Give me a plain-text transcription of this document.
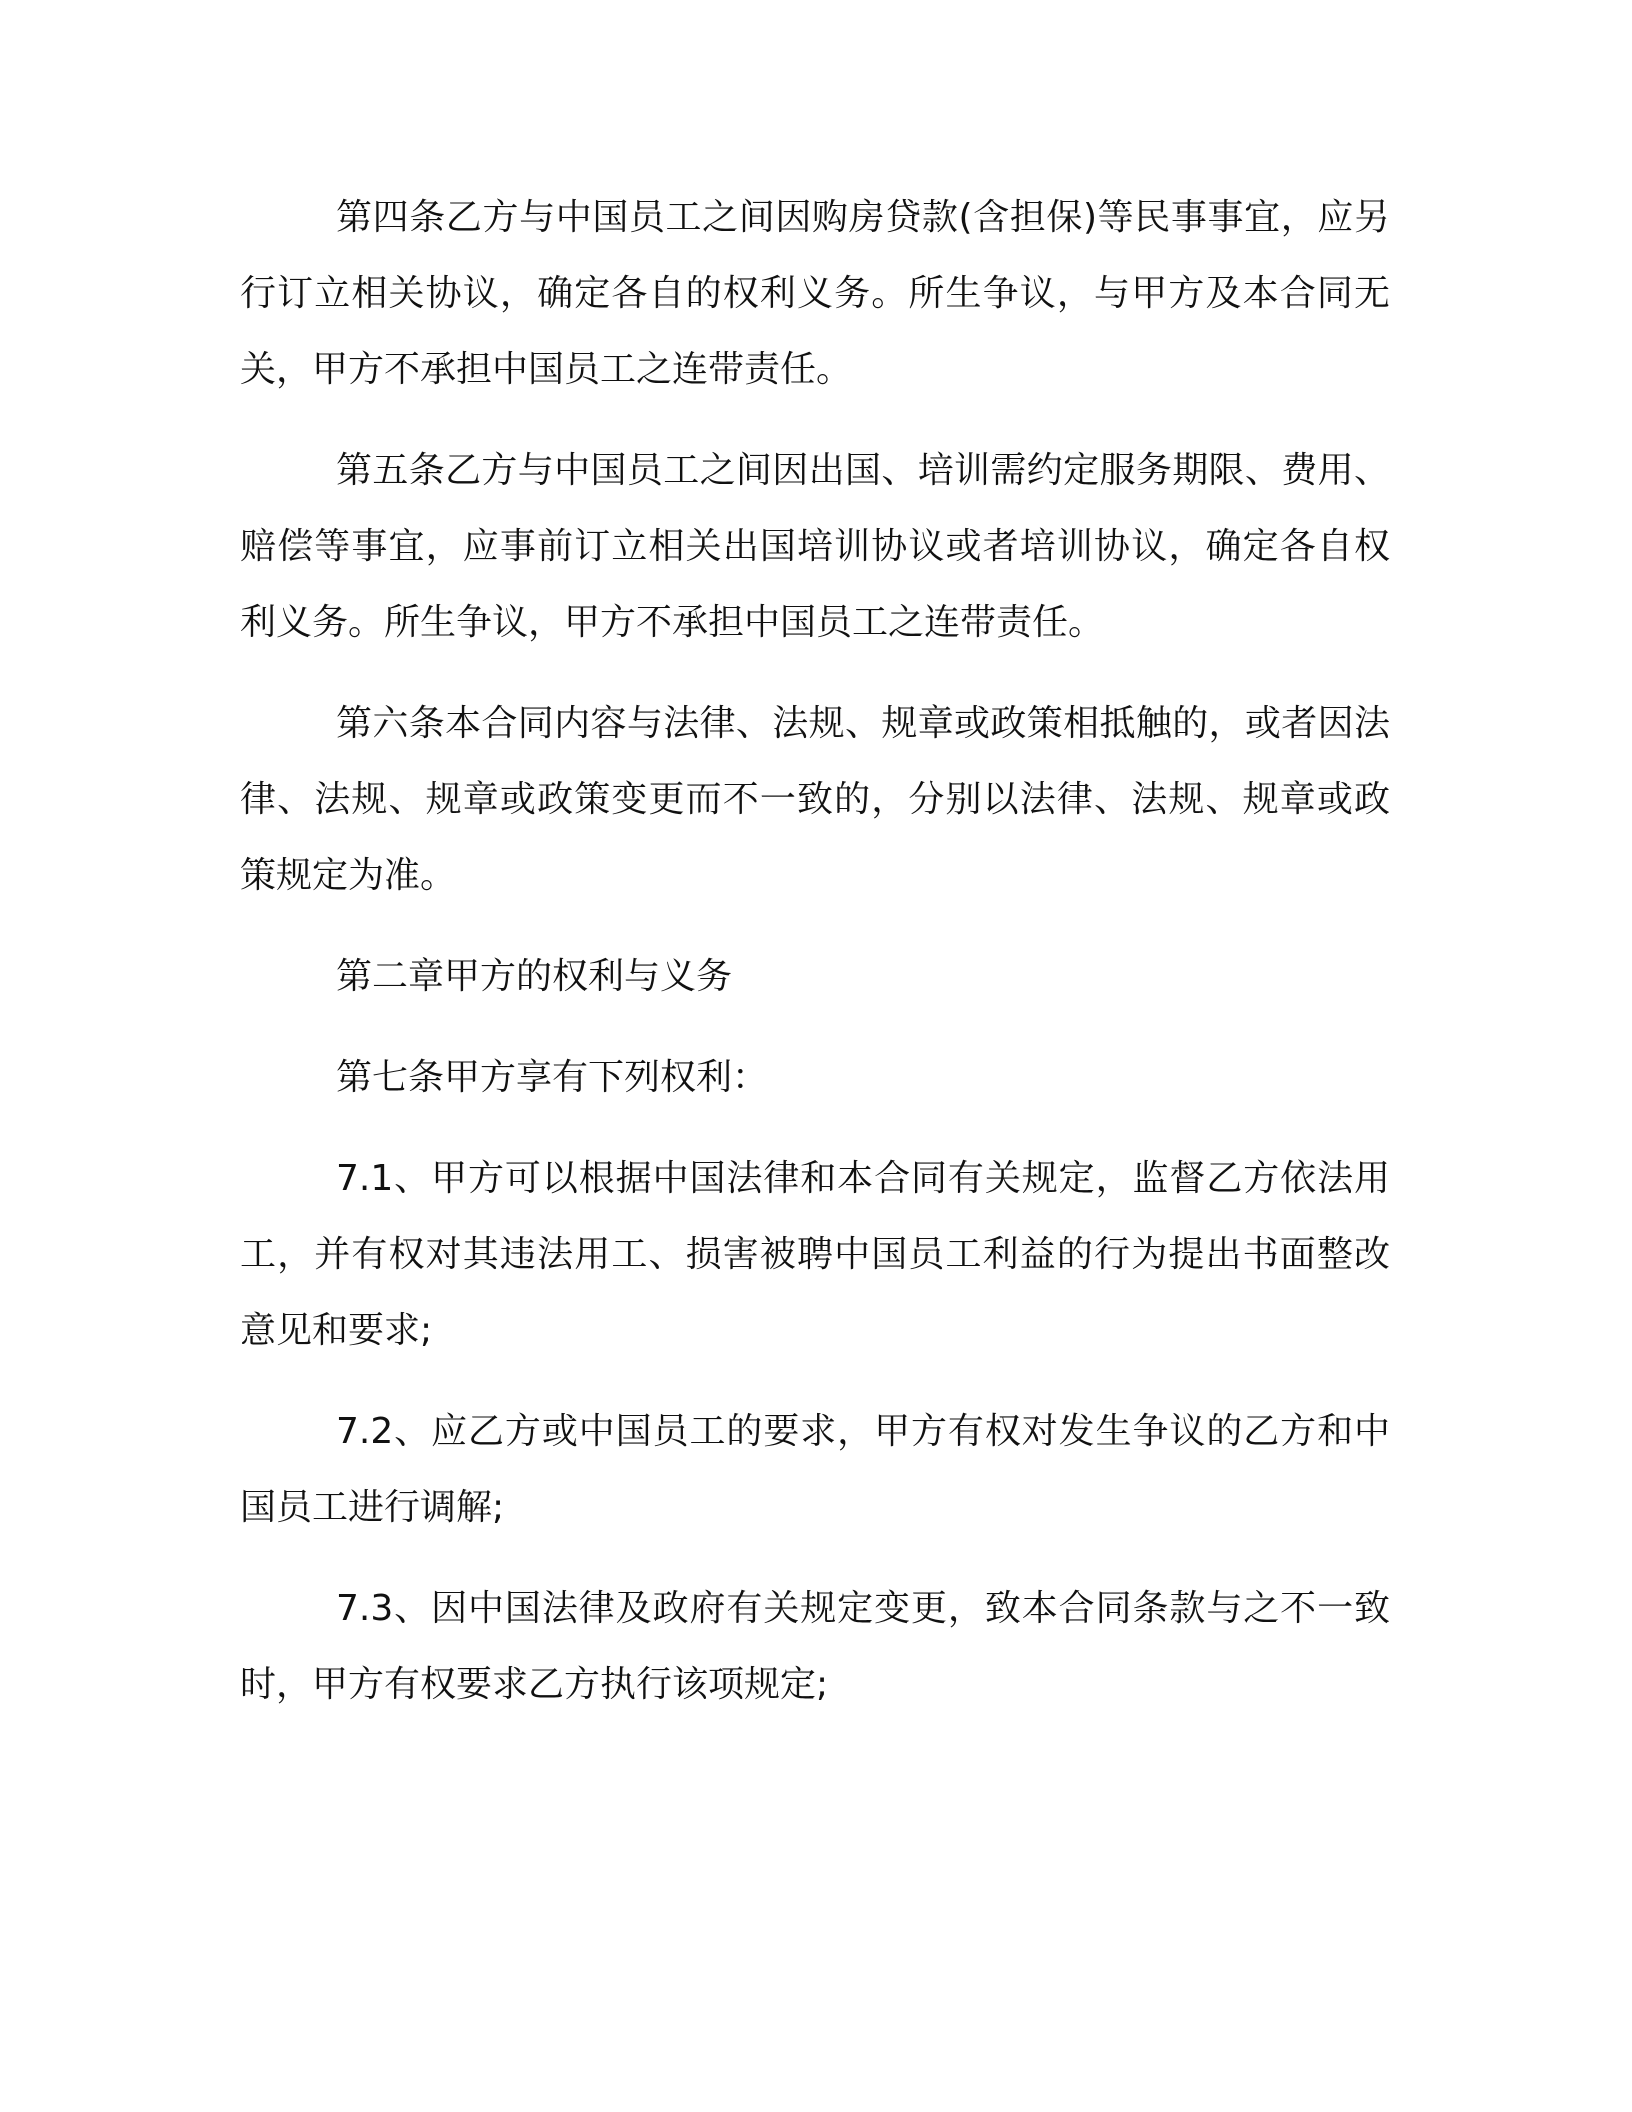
第四条乙方与中国员工之间因购房贷款(含担保)等民事事宜，应另行订立相关协议，确定各自的权利义务。所生争议，与甲方及本合同无关，甲方不承担中国员工之连带责任。

第五条乙方与中国员工之间因出国、培训需约定服务期限、费用、赔偿等事宜，应事前订立相关出国培训协议或者培训协议，确定各自权利义务。所生争议，甲方不承担中国员工之连带责任。

第六条本合同内容与法律、法规、规章或政策相抵触的，或者因法律、法规、规章或政策变更而不一致的，分别以法律、法规、规章或政策规定为准。

第二章甲方的权利与义务

第七条甲方享有下列权利：

7.1、甲方可以根据中国法律和本合同有关规定，监督乙方依法用工，并有权对其违法用工、损害被聘中国员工利益的行为提出书面整改意见和要求;

7.2、应乙方或中国员工的要求，甲方有权对发生争议的乙方和中国员工进行调解;

7.3、因中国法律及政府有关规定变更，致本合同条款与之不一致时，甲方有权要求乙方执行该项规定;
